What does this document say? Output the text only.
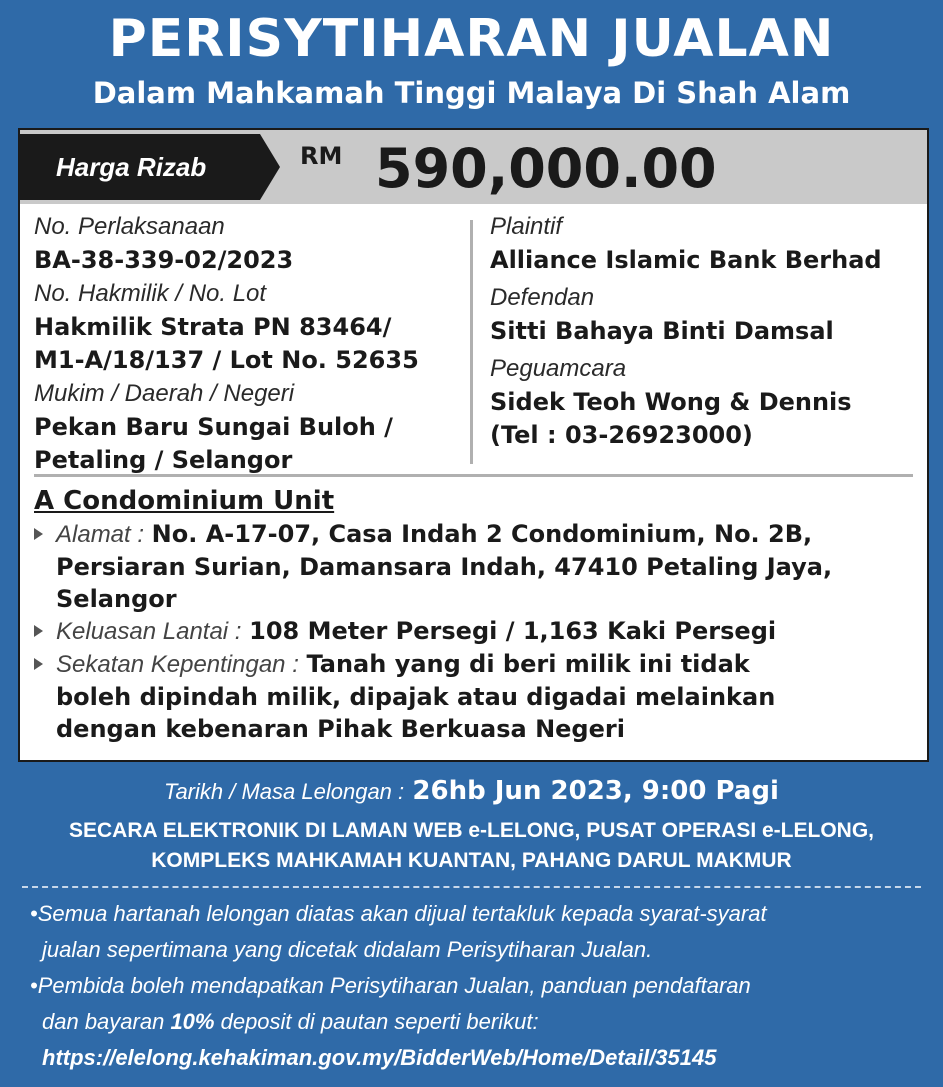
PERISYTIHARAN JUALAN
Dalam Mahkamah Tinggi Malaya Di Shah Alam
Harga Rizab	RM 590,000.00
No. Perlaksanaan
BA-38-339-02/2023
No. Hakmilik / No. Lot
Hakmilik Strata PN 83464/
M1-A/18/137 / Lot No. 52635
Mukim / Daerah / Negeri
Pekan Baru Sungai Buloh /
Petaling / Selangor
Plaintif
Alliance Islamic Bank Berhad
Defendan
Sitti Bahaya Binti Damsal
Peguamcara
Sidek Teoh Wong & Dennis
(Tel : 03-26923000)
A Condominium Unit
Alamat : No. A-17-07, Casa Indah 2 Condominium, No. 2B,
Persiaran Surian, Damansara Indah, 47410 Petaling Jaya,
Selangor
Keluasan Lantai : 108 Meter Persegi / 1,163 Kaki Persegi
Sekatan Kepentingan : Tanah yang di beri milik ini tidak
boleh dipindah milik, dipajak atau digadai melainkan
dengan kebenaran Pihak Berkuasa Negeri
Tarikh / Masa Lelongan : 26hb Jun 2023, 9:00 Pagi
SECARA ELEKTRONIK DI LAMAN WEB e-LELONG, PUSAT OPERASI e-LELONG,
KOMPLEKS MAHKAMAH KUANTAN, PAHANG DARUL MAKMUR
•Semua hartanah lelongan diatas akan dijual tertakluk kepada syarat-syarat
jualan sepertimana yang dicetak didalam Perisytiharan Jualan.
•Pembida boleh mendapatkan Perisytiharan Jualan, panduan pendaftaran
dan bayaran 10% deposit di pautan seperti berikut:
https://elelong.kehakiman.gov.my/BidderWeb/Home/Detail/35145
